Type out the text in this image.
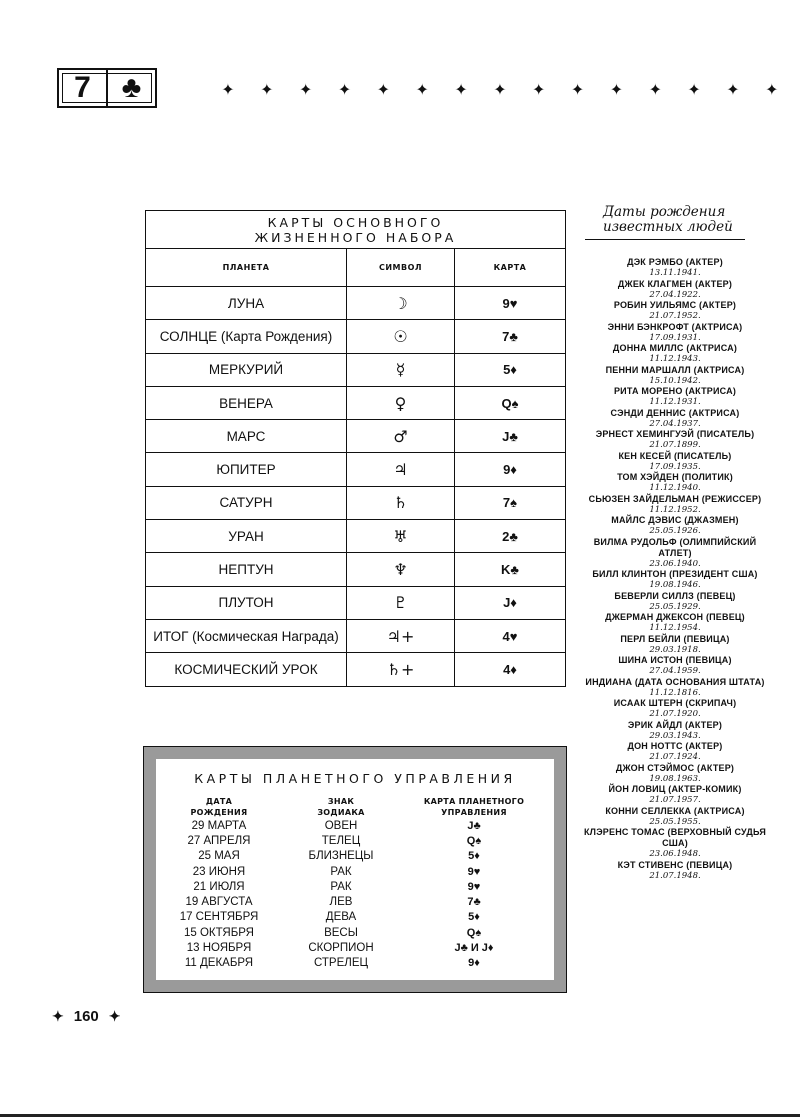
7	♣	✦ ✦ ✦ ✦ ✦ ✦ ✦ ✦ ✦ ✦ ✦ ✦ ✦ ✦ ✦
КАРТЫ ОСНОВНОГО
ЖИЗНЕННОГО НАБОРА
ПЛАНЕТА	СИМВОЛ	КАРТА
ЛУНА	☽	9♥
СОЛНЦЕ (Карта Рождения)	☉	7♣
МЕРКУРИЙ	☿	5♦
ВЕНЕРА	♀	Q♠
МАРС	♂	J♣
ЮПИТЕР	♃	9♦
САТУРН	♄	7♠
УРАН	♅	2♣
НЕПТУН	♆	K♣
ПЛУТОН	♇	J♦
ИТОГ (Космическая Награда)	♃+	4♥
КОСМИЧЕСКИЙ УРОК	♄+	4♦
Даты рождения
известных людей
ДЭК РЭМБО (АКТЕР)
13.11.1941.
ДЖЕК КЛАГМЕН (АКТЕР)
27.04.1922.
РОБИН УИЛЬЯМС (АКТЕР)
21.07.1952.
ЭННИ БЭНКРОФТ (АКТРИСА)
17.09.1931.
ДОННА МИЛЛС (АКТРИСА)
11.12.1943.
ПЕННИ МАРШАЛЛ (АКТРИСА)
15.10.1942.
РИТА МОРЕНО (АКТРИСА)
11.12.1931.
СЭНДИ ДЕННИС (АКТРИСА)
27.04.1937.
ЭРНЕСТ ХЕМИНГУЭЙ (ПИСАТЕЛЬ)
21.07.1899.
КЕН КЕСЕЙ (ПИСАТЕЛЬ)
17.09.1935.
ТОМ ХЭЙДЕН (ПОЛИТИК)
11.12.1940.
СЬЮЗЕН ЗАЙДЕЛЬМАН (РЕЖИССЕР)
11.12.1952.
МАЙЛС ДЭВИС (ДЖАЗМЕН)
25.05.1926.
ВИЛМА РУДОЛЬФ (ОЛИМПИЙСКИЙ АТЛЕТ)
23.06.1940.
БИЛЛ КЛИНТОН (ПРЕЗИДЕНТ США)
19.08.1946.
БЕВЕРЛИ СИЛЛЗ (ПЕВЕЦ)
25.05.1929.
ДЖЕРМАН ДЖЕКСОН (ПЕВЕЦ)
11.12.1954.
ПЕРЛ БЕЙЛИ (ПЕВИЦА)
29.03.1918.
ШИНА ИСТОН (ПЕВИЦА)
27.04.1959.
ИНДИАНА (ДАТА ОСНОВАНИЯ ШТАТА)
11.12.1816.
ИСААК ШТЕРН (СКРИПАЧ)
21.07.1920.
ЭРИК АЙДЛ (АКТЕР)
29.03.1943.
ДОН НОТТС (АКТЕР)
21.07.1924.
ДЖОН СТЭЙМОС (АКТЕР)
19.08.1963.
ЙОН ЛОВИЦ (АКТЕР-КОМИК)
21.07.1957.
КОННИ СЕЛЛЕККА (АКТРИСА)
25.05.1955.
КЛЭРЕНС ТОМАС (ВЕРХОВНЫЙ СУДЬЯ США)
23.06.1948.
КЭТ СТИВЕНС (ПЕВИЦА)
21.07.1948.
КАРТЫ ПЛАНЕТНОГО УПРАВЛЕНИЯ
ДАТА
РОЖДЕНИЯ
ЗНАК
ЗОДИАКА
КАРТА ПЛАНЕТНОГО
УПРАВЛЕНИЯ
29 МАРТА	ОВЕН	J♣
27 АПРЕЛЯ	ТЕЛЕЦ	Q♠
25 МАЯ	БЛИЗНЕЦЫ	5♦
23 ИЮНЯ	РАК	9♥
21 ИЮЛЯ	РАК	9♥
19 АВГУСТА	ЛЕВ	7♣
17 СЕНТЯБРЯ	ДЕВА	5♦
15 ОКТЯБРЯ	ВЕСЫ	Q♠
13 НОЯБРЯ	СКОРПИОН	J♣ И J♦
11 ДЕКАБРЯ	СТРЕЛЕЦ	9♦
✦ 160 ✦
